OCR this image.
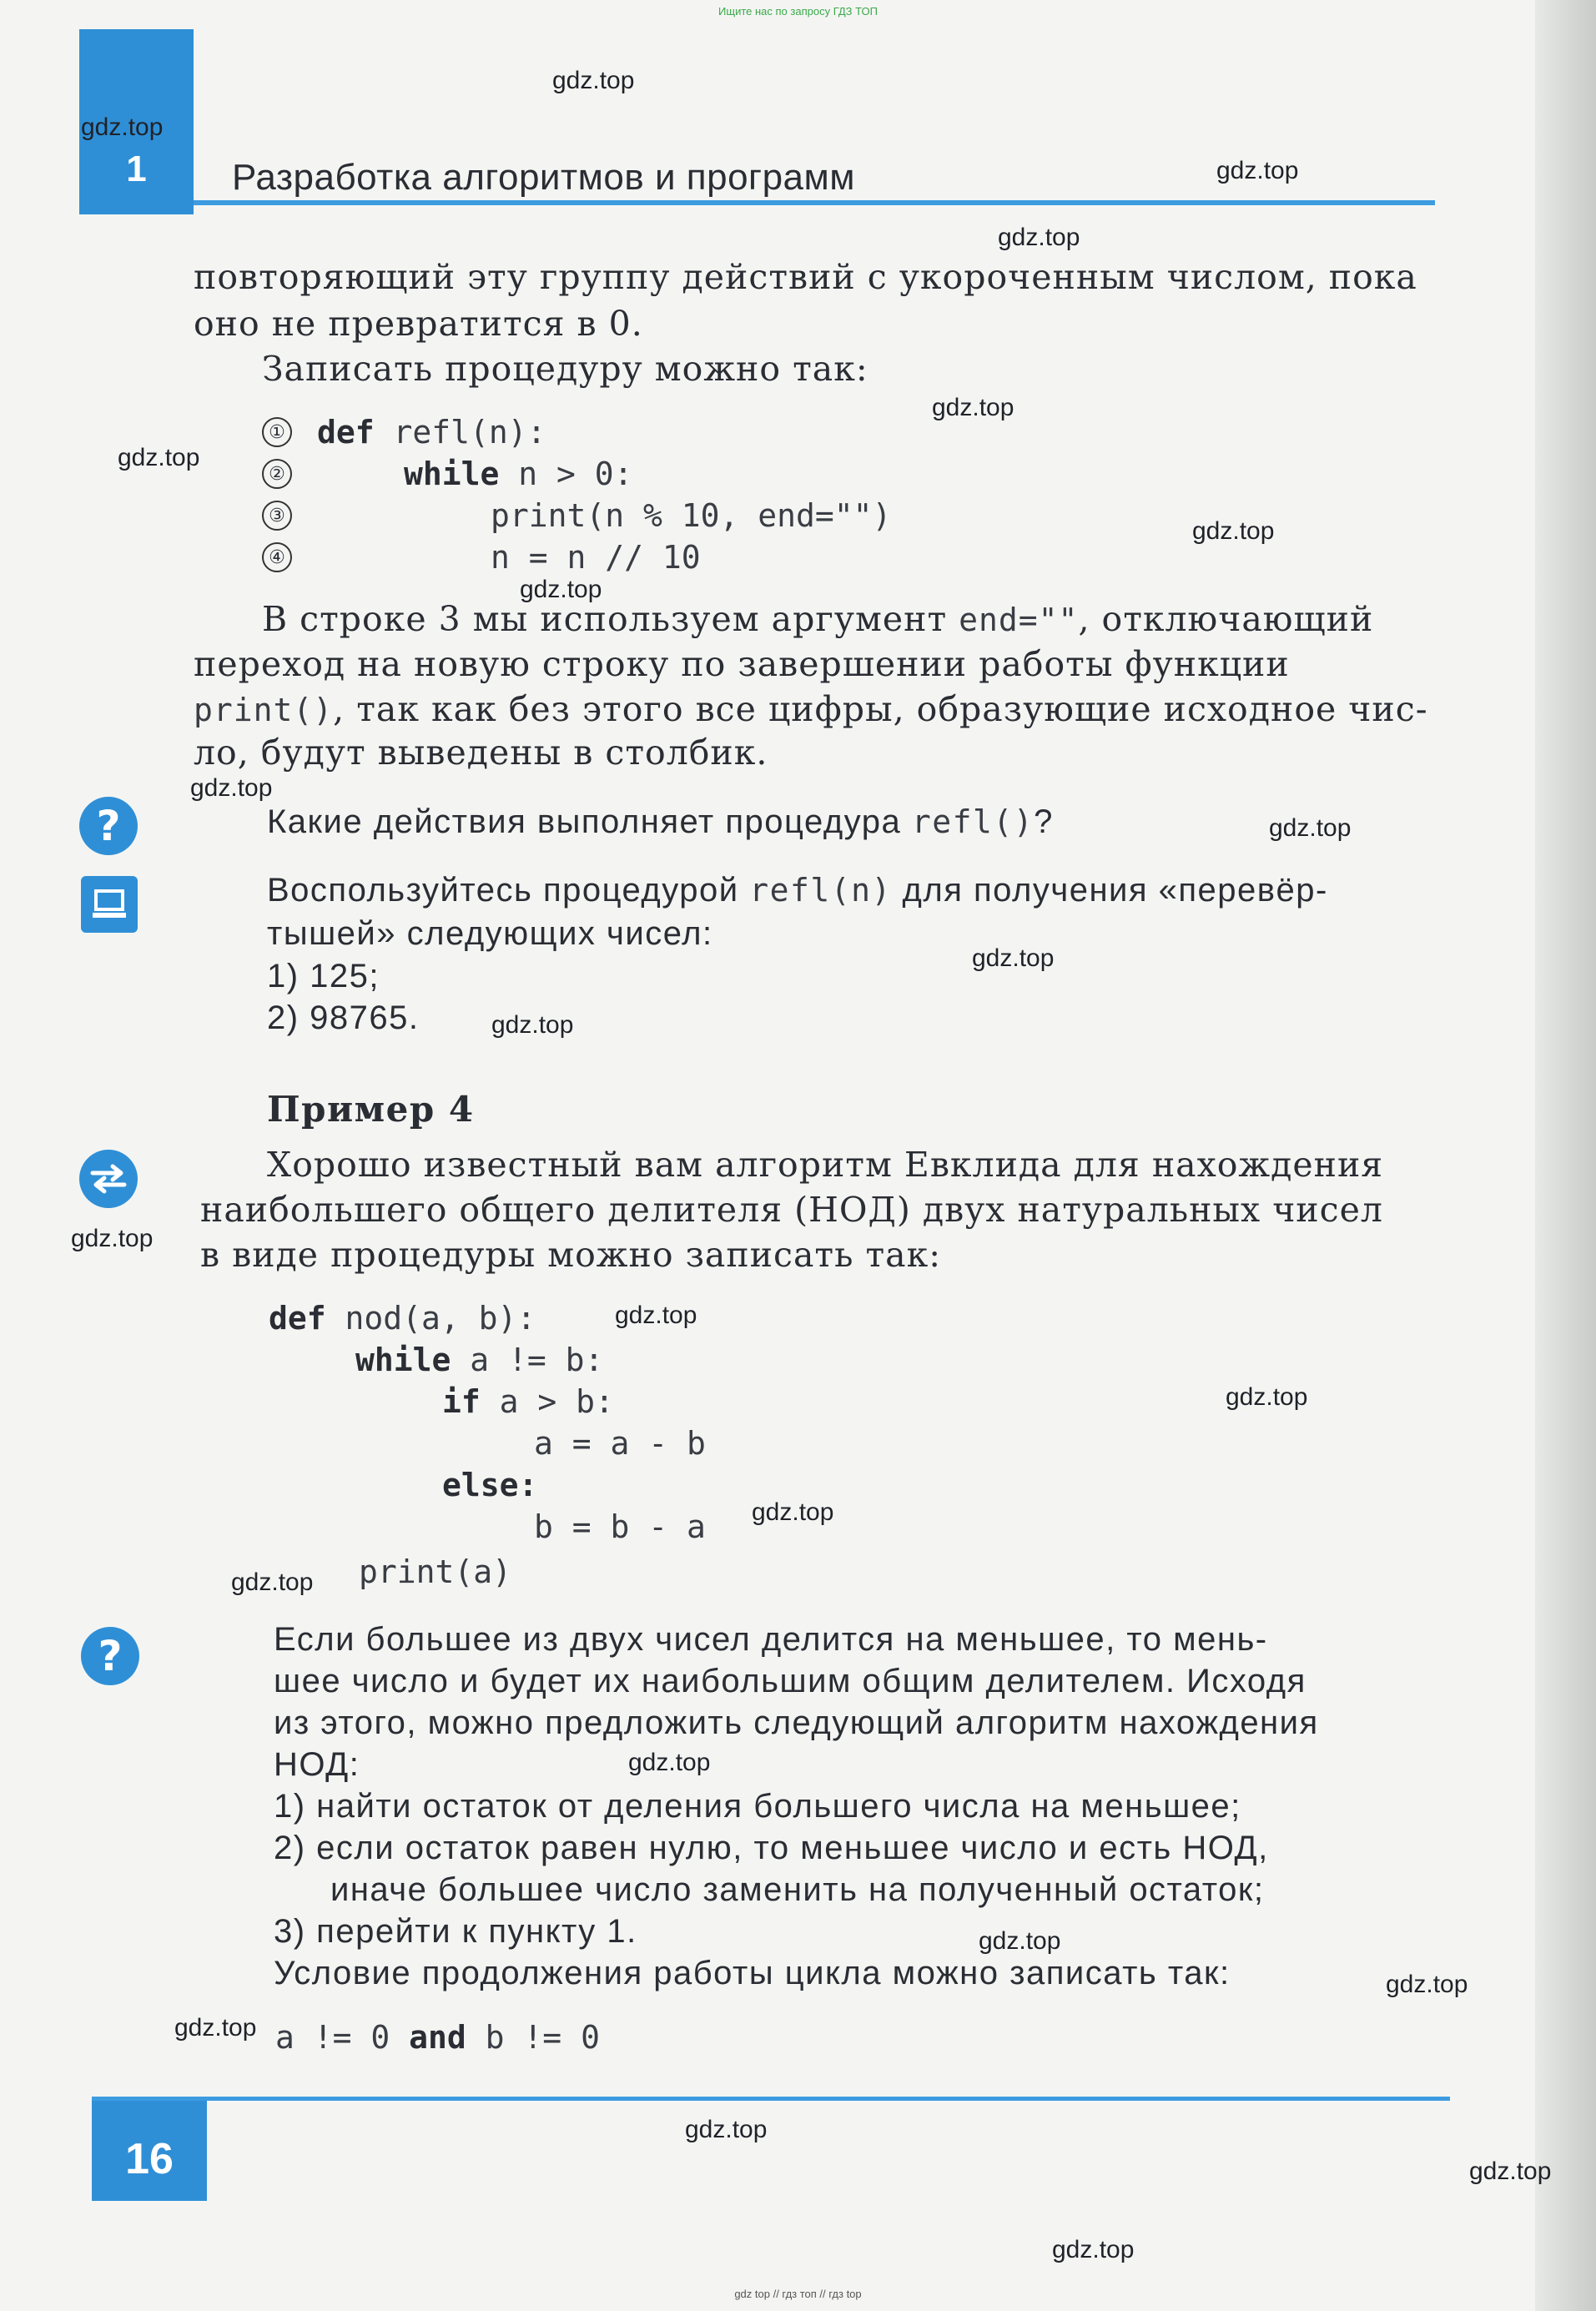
Ищите нас по запросу ГДЗ ТОП
1	Разработка алгоритмов и программ
повторяющий эту группу действий с укороченным числом, пока
оно не превратится в 0.
Записать процедуру можно так:
① def refl(n):
②	while n > 0:
③	print(n % 10, end="")
④	n = n // 10
В строке 3 мы используем аргумент end="", отключающий
переход на новую строку по завершении работы функции
print(), так как без этого все цифры, образующие исходное чис-
ло, будут выведены в столбик.
?	Какие действия выполняет процедура refl()?
Воспользуйтесь процедурой refl(n) для получения «перевёр-
тышей» следующих чисел:
1) 125;
2) 98765.
Пример 4
Хорошо известный вам алгоритм Евклида для нахождения
наибольшего общего делителя (НОД) двух натуральных чисел
в виде процедуры можно записать так:
def nod(a, b):
while a != b:
if a > b:
a = a - b
else :
b = b - a
print(a)
?	Если большее из двух чисел делится на меньшее, то мень-
шее число и будет их наибольшим общим делителем. Исходя
из этого, можно предложить следующий алгоритм нахождения
НОД:
1) найти остаток от деления большего числа на меньшее;
2) если остаток равен нулю, то меньшее число и есть НОД,
иначе большее число заменить на полученный остаток;
3) перейти к пункту 1.
Условие продолжения работы цикла можно записать так:
a != 0 and b != 0
16
gdz top // гдз топ // гдз top
gdz.top
gdz.top
gdz.top
gdz.top
gdz.top
gdz.top
gdz.top
gdz.top
gdz.top
gdz.top
gdz.top
gdz.top
gdz.top
gdz.top
gdz.top
gdz.top
gdz.top
gdz.top
gdz.top
gdz.top
gdz.top
gdz.top
gdz.top
gdz.top
